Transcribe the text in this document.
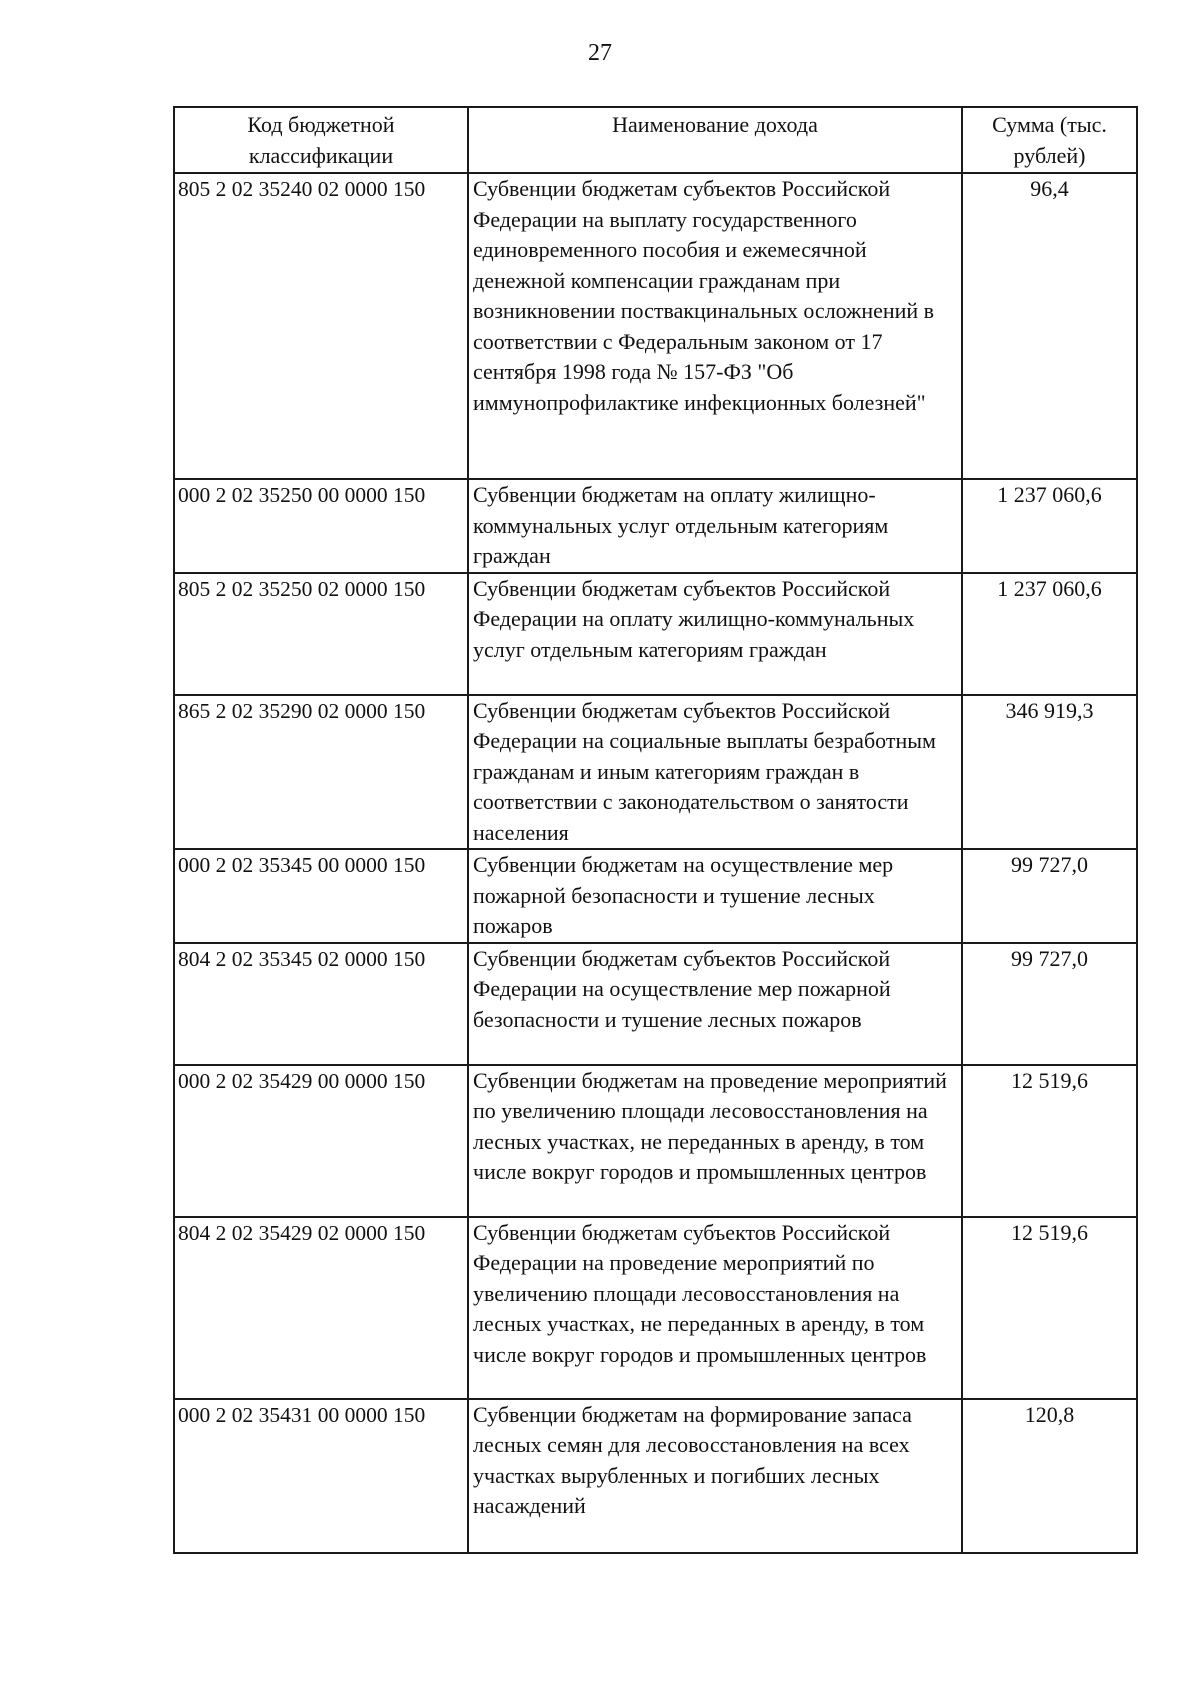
27
Код бюджетной классификации	Наименование дохода	Сумма (тыс. рублей)
805 2 02 35240 02 0000 150	Субвенции бюджетам субъектов Российской Федерации на выплату государственного единовременного пособия и ежемесячной денежной компенсации гражданам при возникновении поствакцинальных осложнений в соответствии с Федеральным законом от 17 сентября 1998 года № 157-ФЗ "Об иммунопрофилактике инфекционных болезней"	96,4
000 2 02 35250 00 0000 150	Субвенции бюджетам на оплату жилищно-коммунальных услуг отдельным категориям граждан	1 237 060,6
805 2 02 35250 02 0000 150	Субвенции бюджетам субъектов Российской Федерации на оплату жилищно-коммунальных услуг отдельным категориям граждан	1 237 060,6
865 2 02 35290 02 0000 150	Субвенции бюджетам субъектов Российской Федерации на социальные выплаты безработным гражданам и иным категориям граждан в соответствии с законодательством о занятости населения	346 919,3
000 2 02 35345 00 0000 150	Субвенции бюджетам на осуществление мер пожарной безопасности и тушение лесных пожаров	99 727,0
804 2 02 35345 02 0000 150	Субвенции бюджетам субъектов Российской Федерации на осуществление мер пожарной безопасности и тушение лесных пожаров	99 727,0
000 2 02 35429 00 0000 150	Субвенции бюджетам на проведение мероприятий по увеличению площади лесовосстановления на лесных участках, не переданных в аренду, в том числе вокруг городов и промышленных центров	12 519,6
804 2 02 35429 02 0000 150	Субвенции бюджетам субъектов Российской Федерации на проведение мероприятий по увеличению площади лесовосстановления на лесных участках, не переданных в аренду, в том числе вокруг городов и промышленных центров	12 519,6
000 2 02 35431 00 0000 150	Субвенции бюджетам на формирование запаса лесных семян для лесовосстановления на всех участках вырубленных и погибших лесных насаждений	120,8
